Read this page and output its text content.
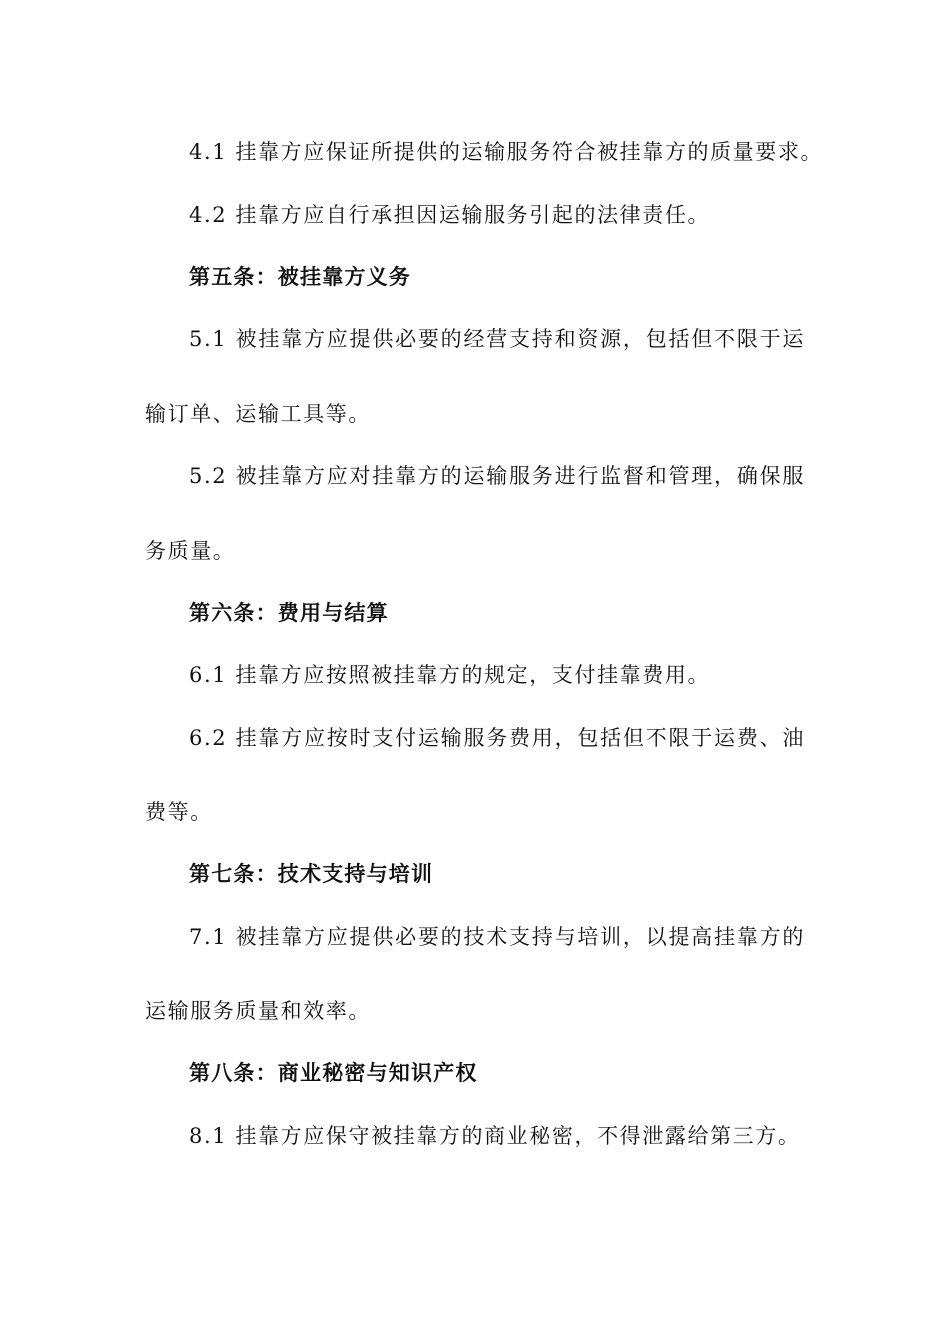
4.1 挂靠方应保证所提供的运输服务符合被挂靠方的质量要求。
4.2 挂靠方应自行承担因运输服务引起的法律责任。
第五条：被挂靠方义务
5.1 被挂靠方应提供必要的经营支持和资源，包括但不限于运
输订单、运输工具等。
5.2 被挂靠方应对挂靠方的运输服务进行监督和管理，确保服
务质量。
第六条：费用与结算
6.1 挂靠方应按照被挂靠方的规定，支付挂靠费用。
6.2 挂靠方应按时支付运输服务费用，包括但不限于运费、油
费等。
第七条：技术支持与培训
7.1 被挂靠方应提供必要的技术支持与培训，以提高挂靠方的
运输服务质量和效率。
第八条：商业秘密与知识产权
8.1 挂靠方应保守被挂靠方的商业秘密，不得泄露给第三方。
